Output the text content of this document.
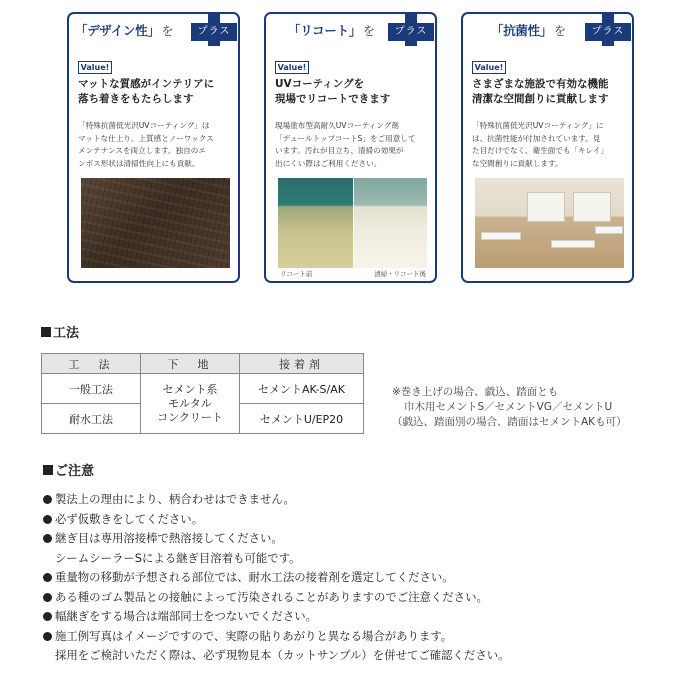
プラス
「デザイン性」 を
Value!
マットな質感がインテリアに
落ち着きをもたらします
「特殊抗菌低光沢UVコーティング」は
マットな仕上り。上質感とノーワックス
メンテナンスを両立します。独自のエ
ンボス形状は清掃性向上にも貢献。
プラス
「リコート」 を
Value!
UVコーティングを
現場でリコートできます
現場塗布型高耐久UVコーティング剤
「デュールトップコートS」をご用意して
います。汚れが目立ち、清掃の効果が
出にくい際はご利用ください。
リコート前	清掃・リコート後
プラス
「抗菌性」 を
Value!
さまざまな施設で有効な機能
清潔な空間創りに貢献します
「特殊抗菌低光沢UVコーティング」に
は、抗菌性能が付加されています。見
た目だけでなく、衛生面でも「キレイ」
な空間創りに貢献します。
工法
工　法	下　地	接着剤
一般工法	セメント系
モルタル
コンクリート	セメントAK-S/AK
耐水工法		セメントU/EP20
※巻き上げの場合、戯込、踏面とも
巾木用セメントS／セメントVG／セメントU
（戯込、踏面別の場合、踏面はセメントAKも可）
ご注意
製法上の理由により、柄合わせはできません。
必ず仮敷きをしてください。
継ぎ目は専用溶接棒で熱溶接してください。
シームシーラーSによる継ぎ目溶着も可能です。
重量物の移動が予想される部位では、耐水工法の接着剤を選定してください。
ある種のゴム製品との接触によって汚染されることがありますのでご注意ください。
幅継ぎをする場合は端部同士をつないでください。
施工例写真はイメージですので、実際の貼りあがりと異なる場合があります。
採用をご検討いただく際は、必ず現物見本（カットサンプル）を併せてご確認ください。
